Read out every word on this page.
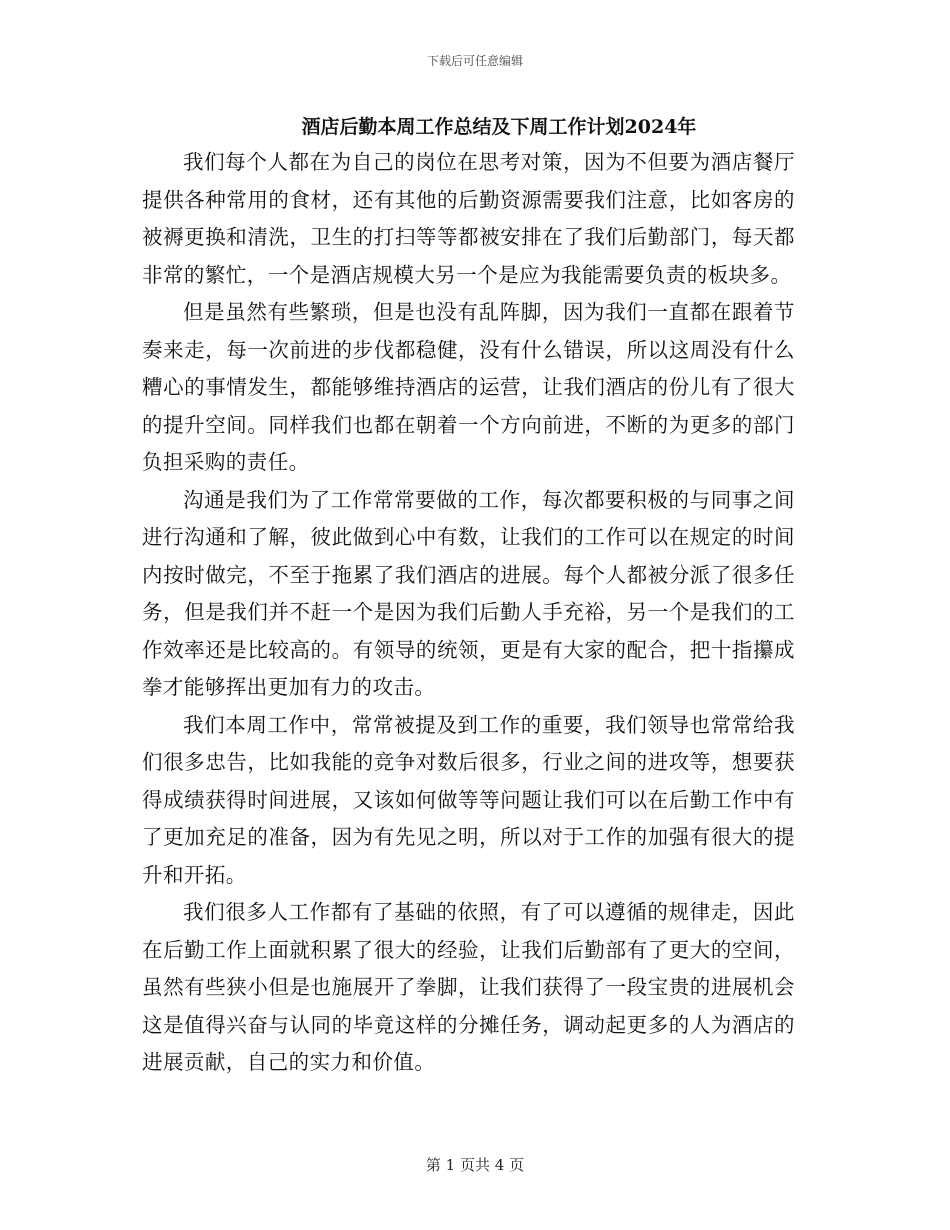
下载后可任意编辑
酒店后勤本周工作总结及下周工作计划2024年

我们每个人都在为自己的岗位在思考对策，因为不但要为酒店餐厅提供各种常用的食材，还有其他的后勤资源需要我们注意，比如客房的被褥更换和清洗，卫生的打扫等等都被安排在了我们后勤部门，每天都非常的繁忙，一个是酒店规模大另一个是应为我能需要负责的板块多。

但是虽然有些繁琐，但是也没有乱阵脚，因为我们一直都在跟着节奏来走，每一次前进的步伐都稳健，没有什么错误，所以这周没有什么糟心的事情发生，都能够维持酒店的运营，让我们酒店的份儿有了很大的提升空间。同样我们也都在朝着一个方向前进，不断的为更多的部门负担采购的责任。

沟通是我们为了工作常常要做的工作，每次都要积极的与同事之间进行沟通和了解，彼此做到心中有数，让我们的工作可以在规定的时间内按时做完，不至于拖累了我们酒店的进展。每个人都被分派了很多任务，但是我们并不赶一个是因为我们后勤人手充裕，另一个是我们的工作效率还是比较高的。有领导的统领，更是有大家的配合，把十指攥成拳才能够挥出更加有力的攻击。

我们本周工作中，常常被提及到工作的重要，我们领导也常常给我们很多忠告，比如我能的竞争对数后很多，行业之间的进攻等，想要获得成绩获得时间进展，又该如何做等等问题让我们可以在后勤工作中有了更加充足的准备，因为有先见之明，所以对于工作的加强有很大的提升和开拓。

我们很多人工作都有了基础的依照，有了可以遵循的规律走，因此在后勤工作上面就积累了很大的经验，让我们后勤部有了更大的空间，虽然有些狭小但是也施展开了拳脚，让我们获得了一段宝贵的进展机会这是值得兴奋与认同的毕竟这样的分摊任务，调动起更多的人为酒店的进展贡献，自己的实力和价值。

第 1 页共 4 页
